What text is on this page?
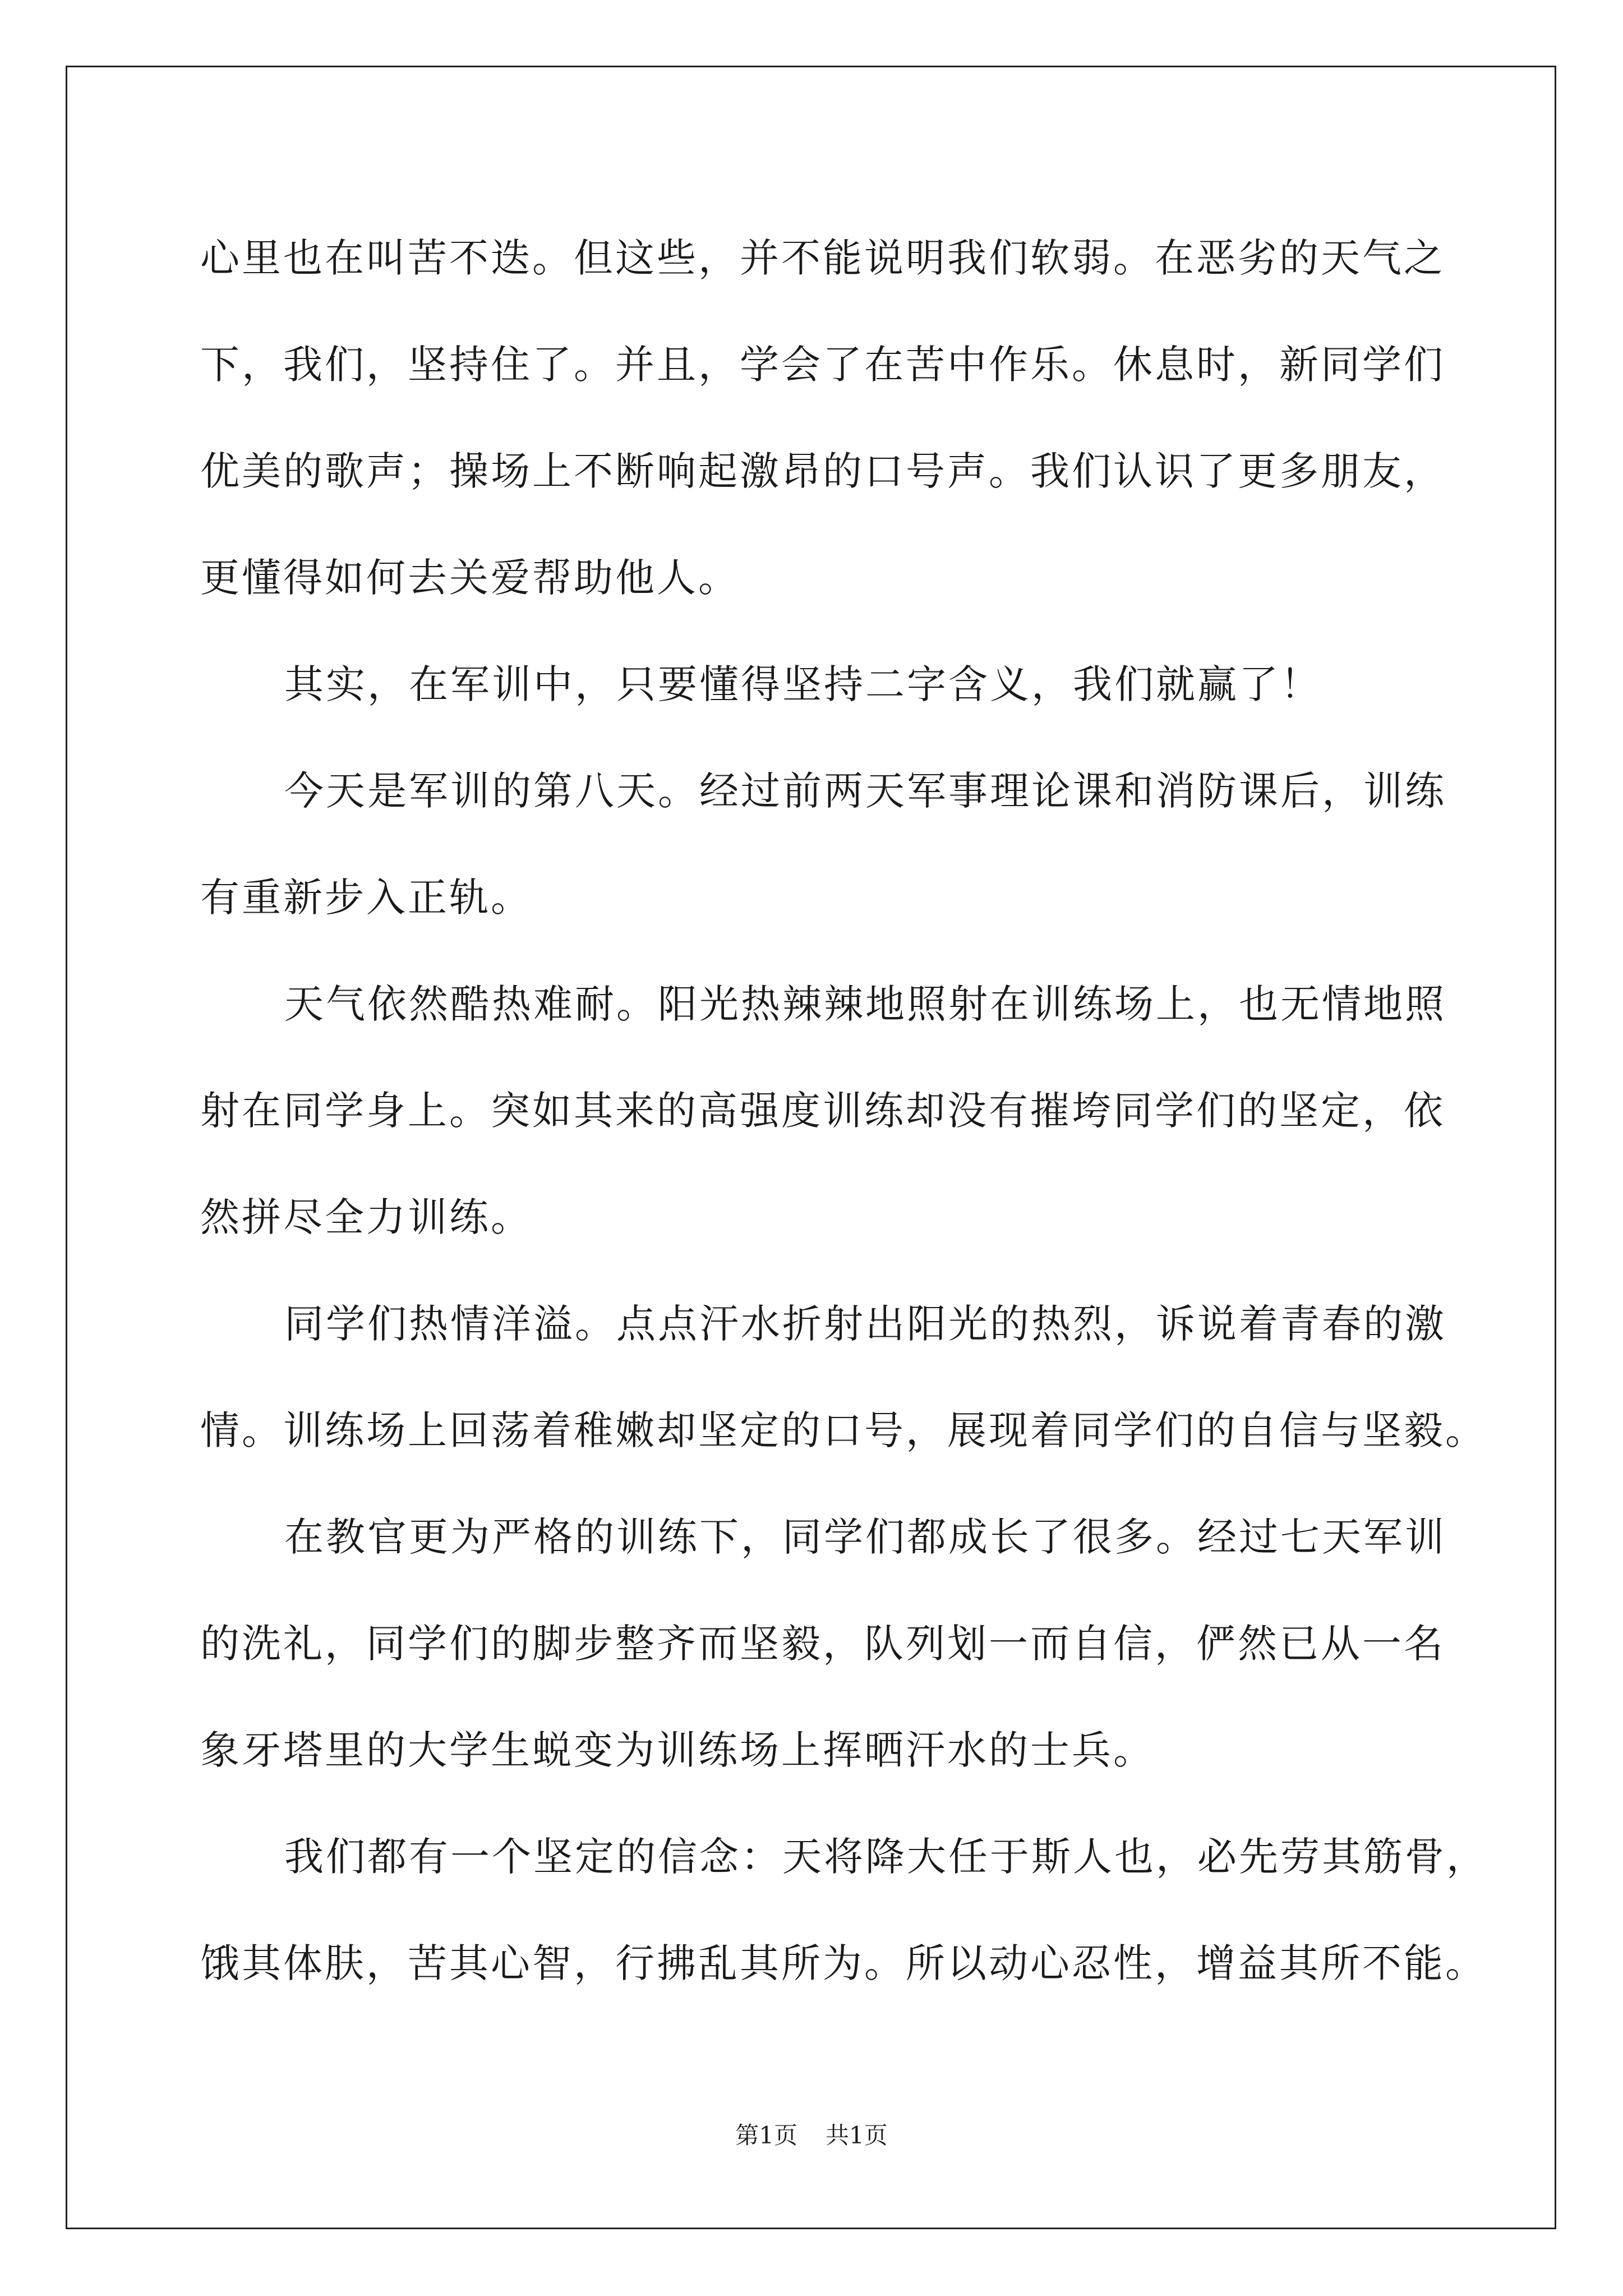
心里也在叫苦不迭。但这些，并不能说明我们软弱。在恶劣的天气之
下，我们，坚持住了。并且，学会了在苦中作乐。休息时，新同学们
优美的歌声；操场上不断响起激昂的口号声。我们认识了更多朋友，
更懂得如何去关爱帮助他人。
其实，在军训中，只要懂得坚持二字含义，我们就赢了！
今天是军训的第八天。经过前两天军事理论课和消防课后，训练
有重新步入正轨。
天气依然酷热难耐。阳光热辣辣地照射在训练场上，也无情地照
射在同学身上。突如其来的高强度训练却没有摧垮同学们的坚定，依
然拼尽全力训练。
同学们热情洋溢。点点汗水折射出阳光的热烈，诉说着青春的激
情。训练场上回荡着稚嫩却坚定的口号，展现着同学们的自信与坚毅。
在教官更为严格的训练下，同学们都成长了很多。经过七天军训
的洗礼，同学们的脚步整齐而坚毅，队列划一而自信，俨然已从一名
象牙塔里的大学生蜕变为训练场上挥晒汗水的士兵。
我们都有一个坚定的信念：天将降大任于斯人也，必先劳其筋骨，
饿其体肤，苦其心智，行拂乱其所为。所以动心忍性，增益其所不能。
第1页 共1页
